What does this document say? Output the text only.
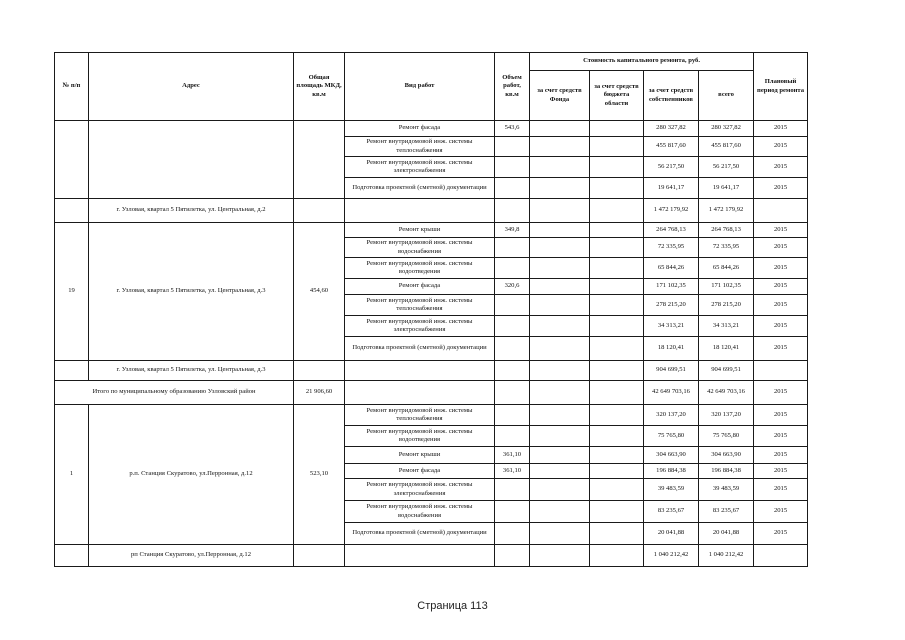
№ п/п	Адрес	Общая площадь МКД, кв.м	Вид работ	Объем работ, кв.м	Стоимость капитального ремонта, руб.				Плановый период ремонта
					за счет средств Фонда	за счет средств бюджета области	за счет средств собственников	всего	
			Ремонт фасада	543,6			280 327,82	280 327,82	2015
			Ремонт внутридомовой инж. системы теплоснабжения				455 817,60	455 817,60	2015
			Ремонт внутридомовой инж. системы электроснабжения				56 217,50	56 217,50	2015
			Подготовка проектной (сметной) документации				19 641,17	19 641,17	2015
	г. Узловая, квартал 5 Пятилетка, ул. Центральная, д.2						1 472 179,92	1 472 179,92	
19	г. Узловая, квартал 5 Пятилетка, ул. Центральная, д.3	454,60	Ремонт крыши	349,8			264 768,13	264 768,13	2015
			Ремонт внутридомовой инж. системы водоснабжения				72 335,95	72 335,95	2015
			Ремонт внутридомовой инж. системы водоотведения				65 844,26	65 844,26	2015
			Ремонт фасада	320,6			171 102,35	171 102,35	2015
			Ремонт внутридомовой инж. системы теплоснабжения				278 215,20	278 215,20	2015
			Ремонт внутридомовой инж. системы электроснабжения				34 313,21	34 313,21	2015
			Подготовка проектной (сметной) документации				18 120,41	18 120,41	2015
	г. Узловая, квартал 5 Пятилетка, ул. Центральная, д.3						904 699,51	904 699,51	
Итого по муниципальному образованию Узловский район		21 906,60					42 649 703,16	42 649 703,16	2015
1	р.п. Станция Скуратово, ул.Перронная, д.12	523,10	Ремонт внутридомовой инж. системы теплоснабжения				320 137,20	320 137,20	2015
			Ремонт внутридомовой инж. системы водоотведения				75 765,80	75 765,80	2015
			Ремонт крыши	361,10			304 663,90	304 663,90	2015
			Ремонт фасада	361,10			196 884,38	196 884,38	2015
			Ремонт внутридомовой инж. системы электроснабжения				39 483,59	39 483,59	2015
			Ремонт внутридомовой инж. системы водоснабжения				83 235,67	83 235,67	2015
			Подготовка проектной (сметной) документации				20 041,88	20 041,88	2015
	рп Станция Скуратово, ул.Перронная, д.12						1 040 212,42	1 040 212,42	
Страница 113
